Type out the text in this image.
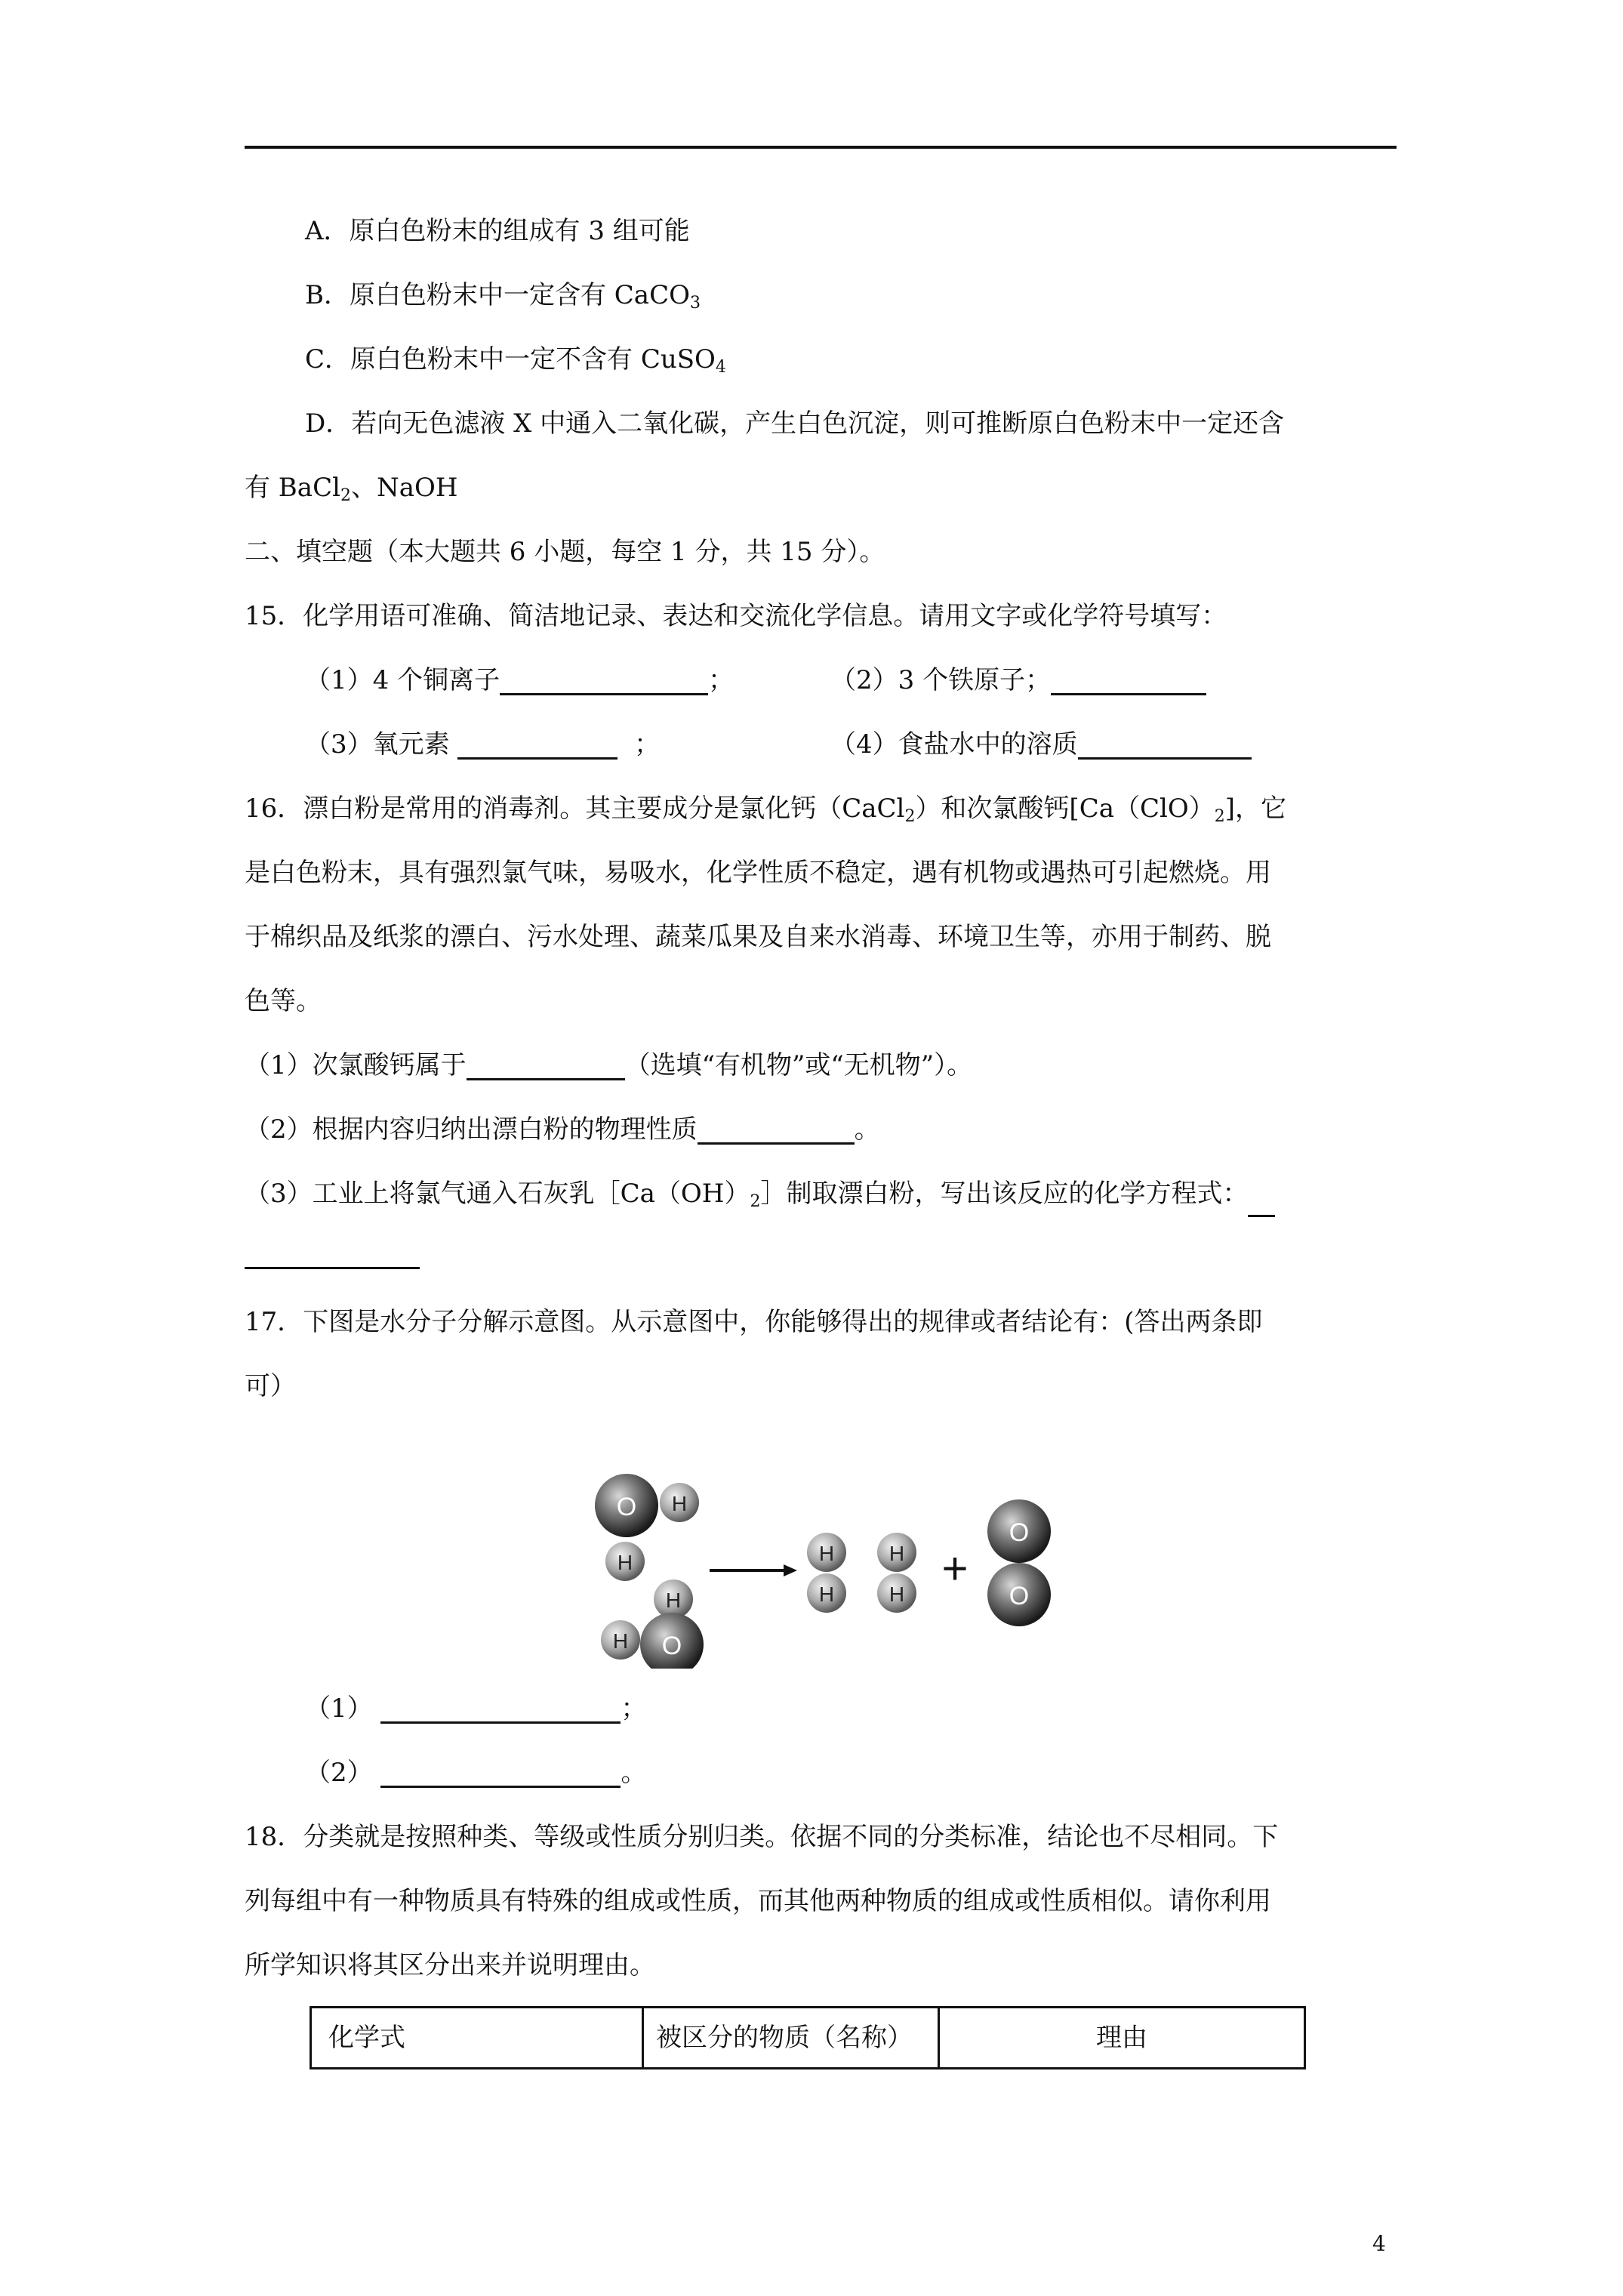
A．原白色粉末的组成有 3 组可能
B．原白色粉末中一定含有 CaCO$_3$
C．原白色粉末中一定不含有 CuSO$_4$
D．若向无色滤液 X 中通入二氧化碳，产生白色沉淀，则可推断原白色粉末中一定还含
有 BaCl$_2$、NaOH
二、填空题（本大题共 6 小题，每空 1 分，共 15 分）。
15．化学用语可准确、简洁地记录、表达和交流化学信息。请用文字或化学符号填写：
（1）4 个铜离子	；	（2）3 个铁原子；
（3）氧元素	；	（4）食盐水中的溶质
16．漂白粉是常用的消毒剂。其主要成分是氯化钙（CaCl$_2$）和次氯酸钙$[Ca(ClO)_2]$，它
是白色粉末，具有强烈氯气味，易吸水，化学性质不稳定，遇有机物或遇热可引起燃烧。用
于棉织品及纸浆的漂白、污水处理、蔬菜瓜果及自来水消毒、环境卫生等，亦用于制药、脱
色等。
（1）次氯酸钙属于	（选填“有机物”或“无机物”）。
（2）根据内容归纳出漂白粉的物理性质	。
（3）工业上将氯气通入石灰乳$[Ca(OH)_2]$制取漂白粉，写出该反应的化学方程式：
17．下图是水分子分解示意图。从示意图中，你能够得出的规律或者结论有：(答出两条即
可）
O H
H
H
H O
H
H
H
H
+
O
O
（1）	；
（2）	。
18．分类就是按照种类、等级或性质分别归类。依据不同的分类标准，结论也不尽相同。下
列每组中有一种物质具有特殊的组成或性质，而其他两种物质的组成或性质相似。请你利用
所学知识将其区分出来并说明理由。
化学式	被区分的物质（名称）	理由
4
